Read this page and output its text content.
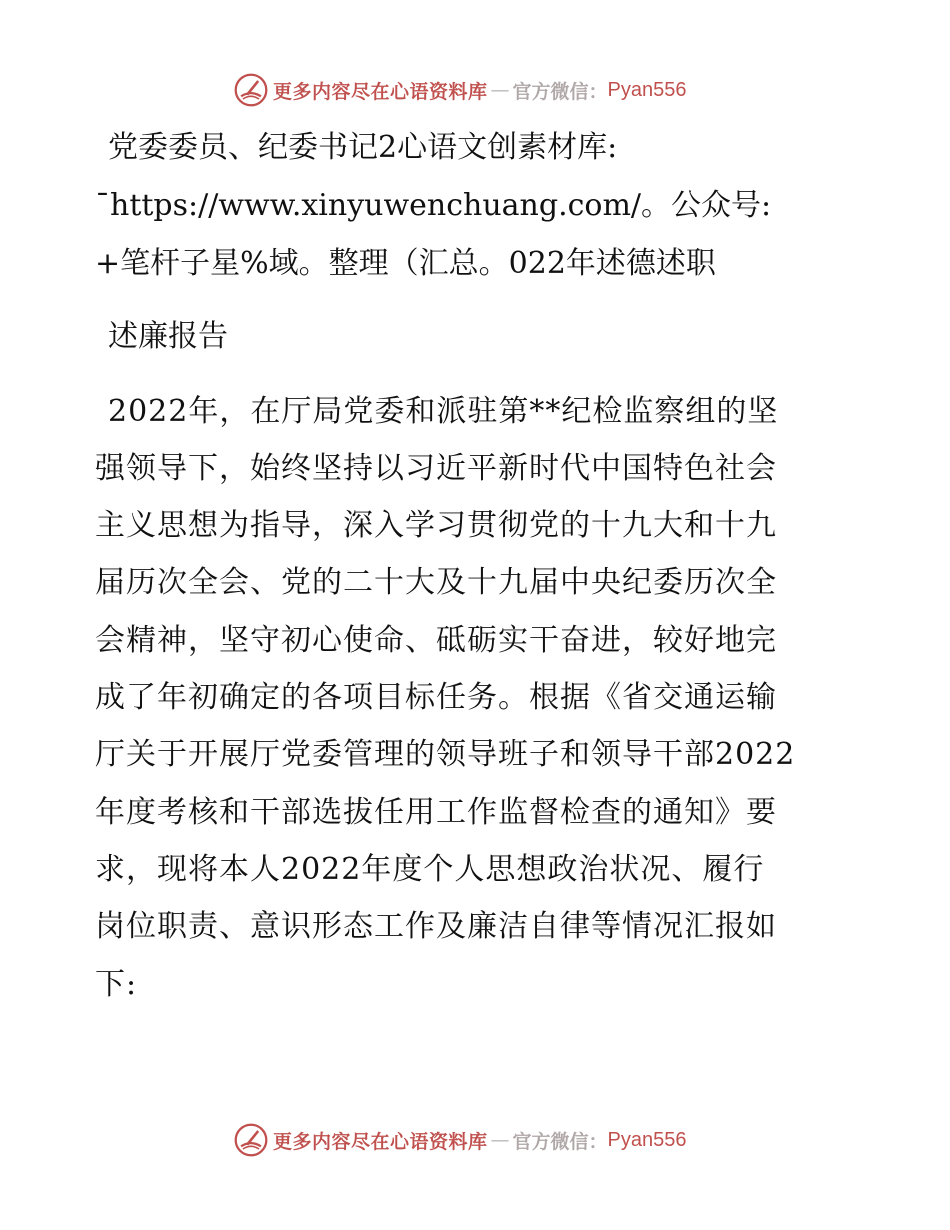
更多内容尽在心语资料库 — 官方微信： Pyan556
党委委员、纪委书记2心语文创素材库:
¯https://www.xinyuwenchuang.com/。公众号:
+笔杆子星%域。整理（汇总。022年述德述职
述廉报告
2022年，在厅局党委和派驻第**纪检监察组的坚
强领导下，始终坚持以习近平新时代中国特色社会
主义思想为指导，深入学习贯彻党的十九大和十九
届历次全会、党的二十大及十九届中央纪委历次全
会精神，坚守初心使命、砥砺实干奋进，较好地完
成了年初确定的各项目标任务。根据《省交通运输
厅关于开展厅党委管理的领导班子和领导干部2022
年度考核和干部选拔任用工作监督检查的通知》要
求，现将本人2022年度个人思想政治状况、履行
岗位职责、意识形态工作及廉洁自律等情况汇报如
下:
更多内容尽在心语资料库 — 官方微信： Pyan556
